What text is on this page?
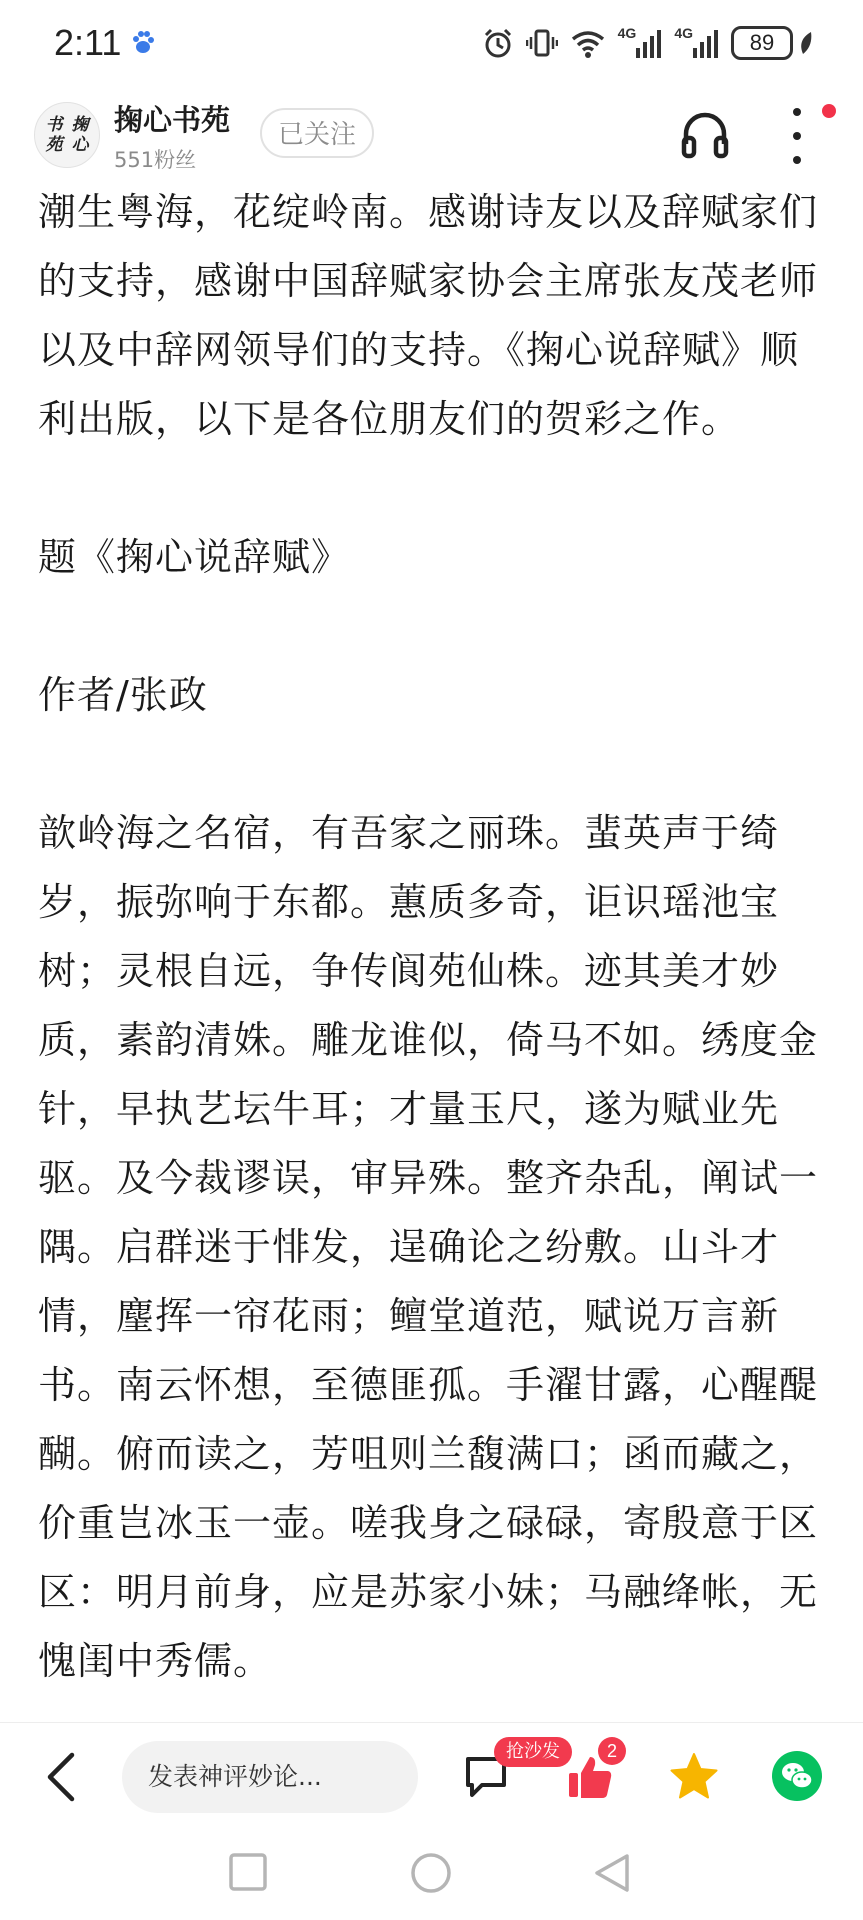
2:11	4G	4G	89
书 掬
苑 心
掬心书苑
551粉丝
已关注

潮生粤海，花绽岭南。感谢诗友以及辞赋家们的支持，感谢中国辞赋家协会主席张友茂老师以及中辞网领导们的支持。《掬心说辞赋》顺利出版，以下是各位朋友们的贺彩之作。

题《掬心说辞赋》

作者/张政

歆岭海之名宿，有吾家之丽珠。蜚英声于绮岁，振弥响于东都。蕙质多奇，讵识瑶池宝树；灵根自远，争传阆苑仙株。迹其美才妙质，素韵清姝。雕龙谁似，倚马不如。绣度金针，早执艺坛牛耳；才量玉尺，遂为赋业先驱。及今裁谬误，审异殊。整齐杂乱，阐试一隅。启群迷于悱发，逞确论之纷敷。山斗才情，麈挥一帘花雨；鳣堂道范，赋说万言新书。南云怀想，至德匪孤。手濯甘露，心醒醍醐。俯而读之，芳咀则兰馥满口；函而藏之，价重岂冰玉一壶。嗟我身之碌碌，寄殷意于区区：明月前身，应是苏家小妹；马融绛帐，无愧闺中秀儒。

发表神评妙论...
抢沙发	2
